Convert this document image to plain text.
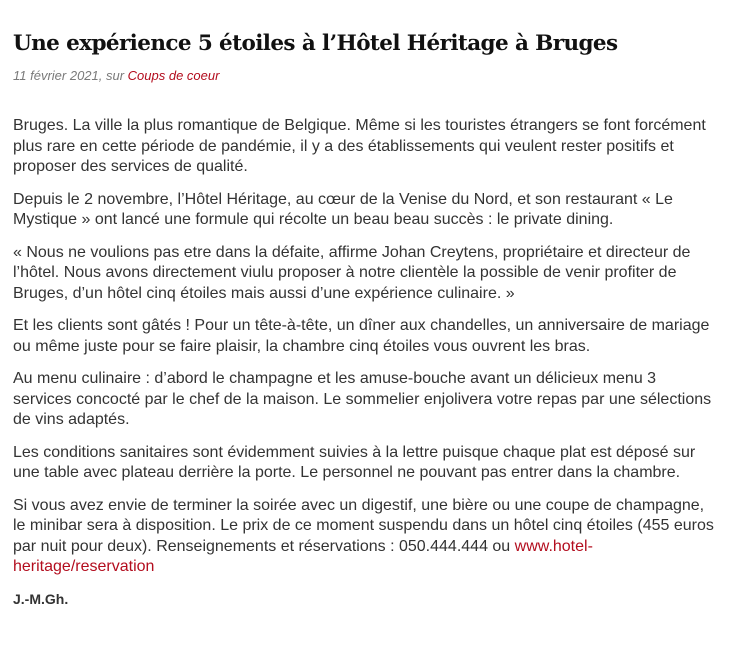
Une expérience 5 étoiles à l’Hôtel Héritage à Bruges
11 février 2021, sur Coups de coeur

Bruges. La ville la plus romantique de Belgique. Même si les touristes étrangers se font forcément plus rare en cette période de pandémie, il y a des établissements qui veulent rester positifs et proposer des services de qualité.

Depuis le 2 novembre, l’Hôtel Héritage, au cœur de la Venise du Nord, et son restaurant « Le Mystique » ont lancé une formule qui récolte un beau beau succès : le private dining.

« Nous ne voulions pas etre dans la défaite, affirme Johan Creytens, propriétaire et directeur de l’hôtel. Nous avons directement viulu proposer à notre clientèle la possible de venir profiter de Bruges, d’un hôtel cinq étoiles mais aussi d’une expérience culinaire. »

Et les clients sont gâtés ! Pour un tête-à-tête, un dîner aux chandelles, un anniversaire de mariage ou même juste pour se faire plaisir, la chambre cinq étoiles vous ouvrent les bras.

Au menu culinaire : d’abord le champagne et les amuse-bouche avant un délicieux menu 3 services concocté par le chef de la maison. Le sommelier enjolivera votre repas par une sélections de vins adaptés.

Les conditions sanitaires sont évidemment suivies à la lettre puisque chaque plat est déposé sur une table avec plateau derrière la porte. Le personnel ne pouvant pas entrer dans la chambre.

Si vous avez envie de terminer la soirée avec un digestif, une bière ou une coupe de champagne, le minibar sera à disposition. Le prix de ce moment suspendu dans un hôtel cinq étoiles (455 euros par nuit pour deux). Renseignements et réservations : 050.444.444 ou www.hotel-heritage/reservation

J.-M.Gh.
